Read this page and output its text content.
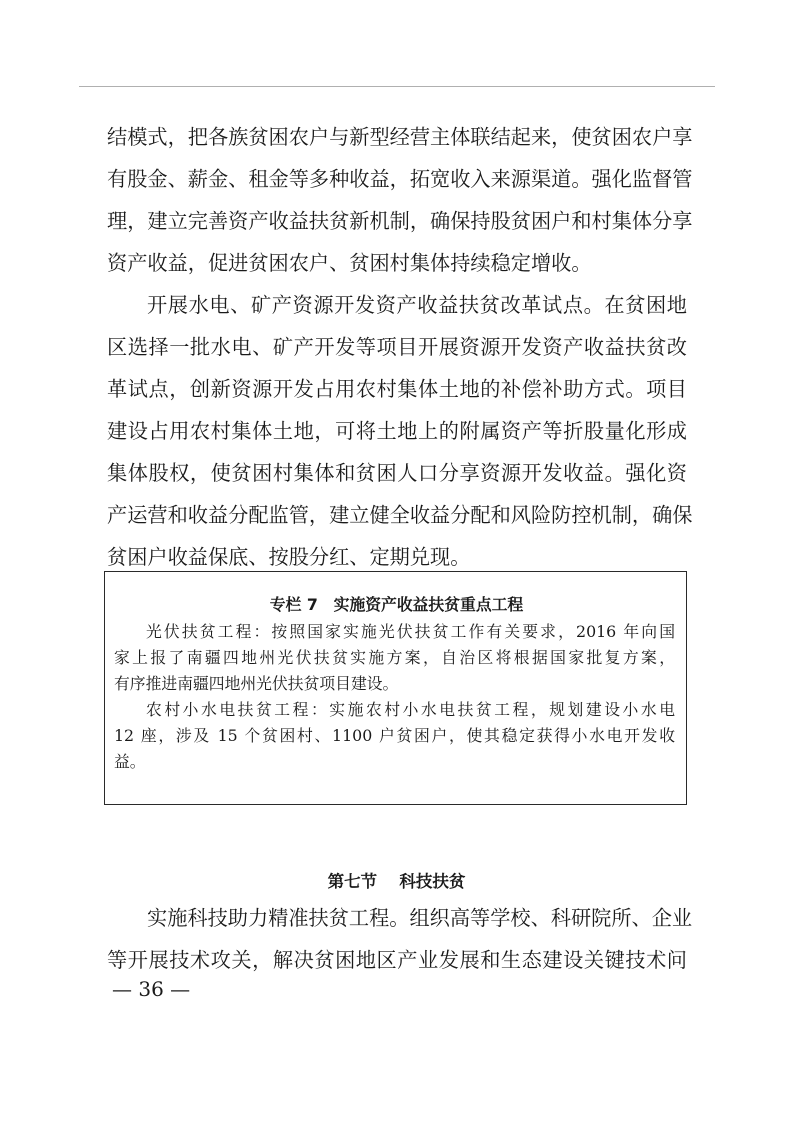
结模式，把各族贫困农户与新型经营主体联结起来，使贫困农户享
有股金、薪金、租金等多种收益，拓宽收入来源渠道。强化监督管
理，建立完善资产收益扶贫新机制，确保持股贫困户和村集体分享
资产收益，促进贫困农户、贫困村集体持续稳定增收。
开展水电、矿产资源开发资产收益扶贫改革试点。在贫困地
区选择一批水电、矿产开发等项目开展资源开发资产收益扶贫改
革试点，创新资源开发占用农村集体土地的补偿补助方式。项目
建设占用农村集体土地，可将土地上的附属资产等折股量化形成
集体股权，使贫困村集体和贫困人口分享资源开发收益。强化资
产运营和收益分配监管，建立健全收益分配和风险防控机制，确保
贫困户收益保底、按股分红、定期兑现。
专栏 7　实施资产收益扶贫重点工程
光伏扶贫工程：按照国家实施光伏扶贫工作有关要求，2016 年向国
家上报了南疆四地州光伏扶贫实施方案，自治区将根据国家批复方案，
有序推进南疆四地州光伏扶贫项目建设。
农村小水电扶贫工程：实施农村小水电扶贫工程，规划建设小水电
12 座，涉及 15 个贫困村、1100 户贫困户，使其稳定获得小水电开发收
益。
第七节　 科技扶贫
实施科技助力精准扶贫工程。组织高等学校、科研院所、企业
等开展技术攻关，解决贫困地区产业发展和生态建设关键技术问
— 36 —
